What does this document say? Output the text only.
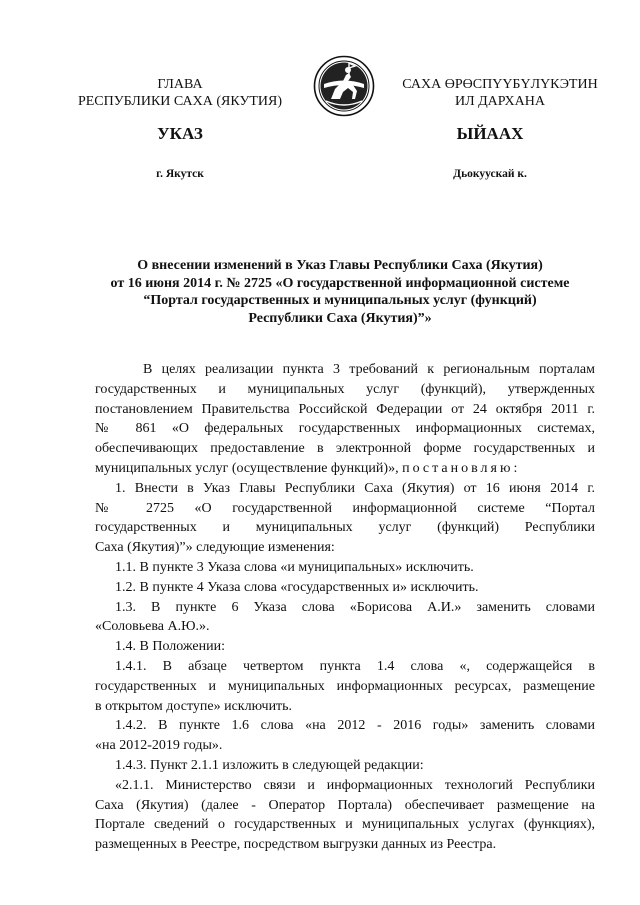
ГЛАВА
РЕСПУБЛИКИ САХА (ЯКУТИЯ)
САХА ӨРӨСПҮҮБҮЛҮКЭТИН
ИЛ ДАРХАНА
УКАЗ	ЫЙААХ
г. Якутск	Дьокуускай к.
О внесении изменений в Указ Главы Республики Саха (Якутия)
от 16 июня 2014 г. № 2725 «О государственной информационной системе
“Портал государственных и муниципальных услуг (функций)
Республики Саха (Якутия)”»
В целях реализации пункта 3 требований к региональным порталам
государственных и муниципальных услуг (функций), утвержденных
постановлением Правительства Российской Федерации от 24 октября 2011 г.
№ 861 «О федеральных государственных информационных системах,
обеспечивающих предоставление в электронной форме государственных и
муниципальных услуг (осуществление функций)», постановляю:
1. Внести в Указ Главы Республики Саха (Якутия) от 16 июня 2014 г.
№ 2725 «О государственной информационной системе “Портал
государственных и муниципальных услуг (функций) Республики
Саха (Якутия)”» следующие изменения:
1.1. В пункте 3 Указа слова «и муниципальных» исключить.
1.2. В пункте 4 Указа слова «государственных и» исключить.
1.3. В пункте 6 Указа слова «Борисова А.И.» заменить словами
«Соловьева А.Ю.».
1.4. В Положении:
1.4.1. В абзаце четвертом пункта 1.4 слова «, содержащейся в
государственных и муниципальных информационных ресурсах, размещение
в открытом доступе» исключить.
1.4.2. В пункте 1.6 слова «на 2012 - 2016 годы» заменить словами
«на 2012-2019 годы».
1.4.3. Пункт 2.1.1 изложить в следующей редакции:
«2.1.1. Министерство связи и информационных технологий Республики
Саха (Якутия) (далее - Оператор Портала) обеспечивает размещение на
Портале сведений о государственных и муниципальных услугах (функциях),
размещенных в Реестре, посредством выгрузки данных из Реестра.
